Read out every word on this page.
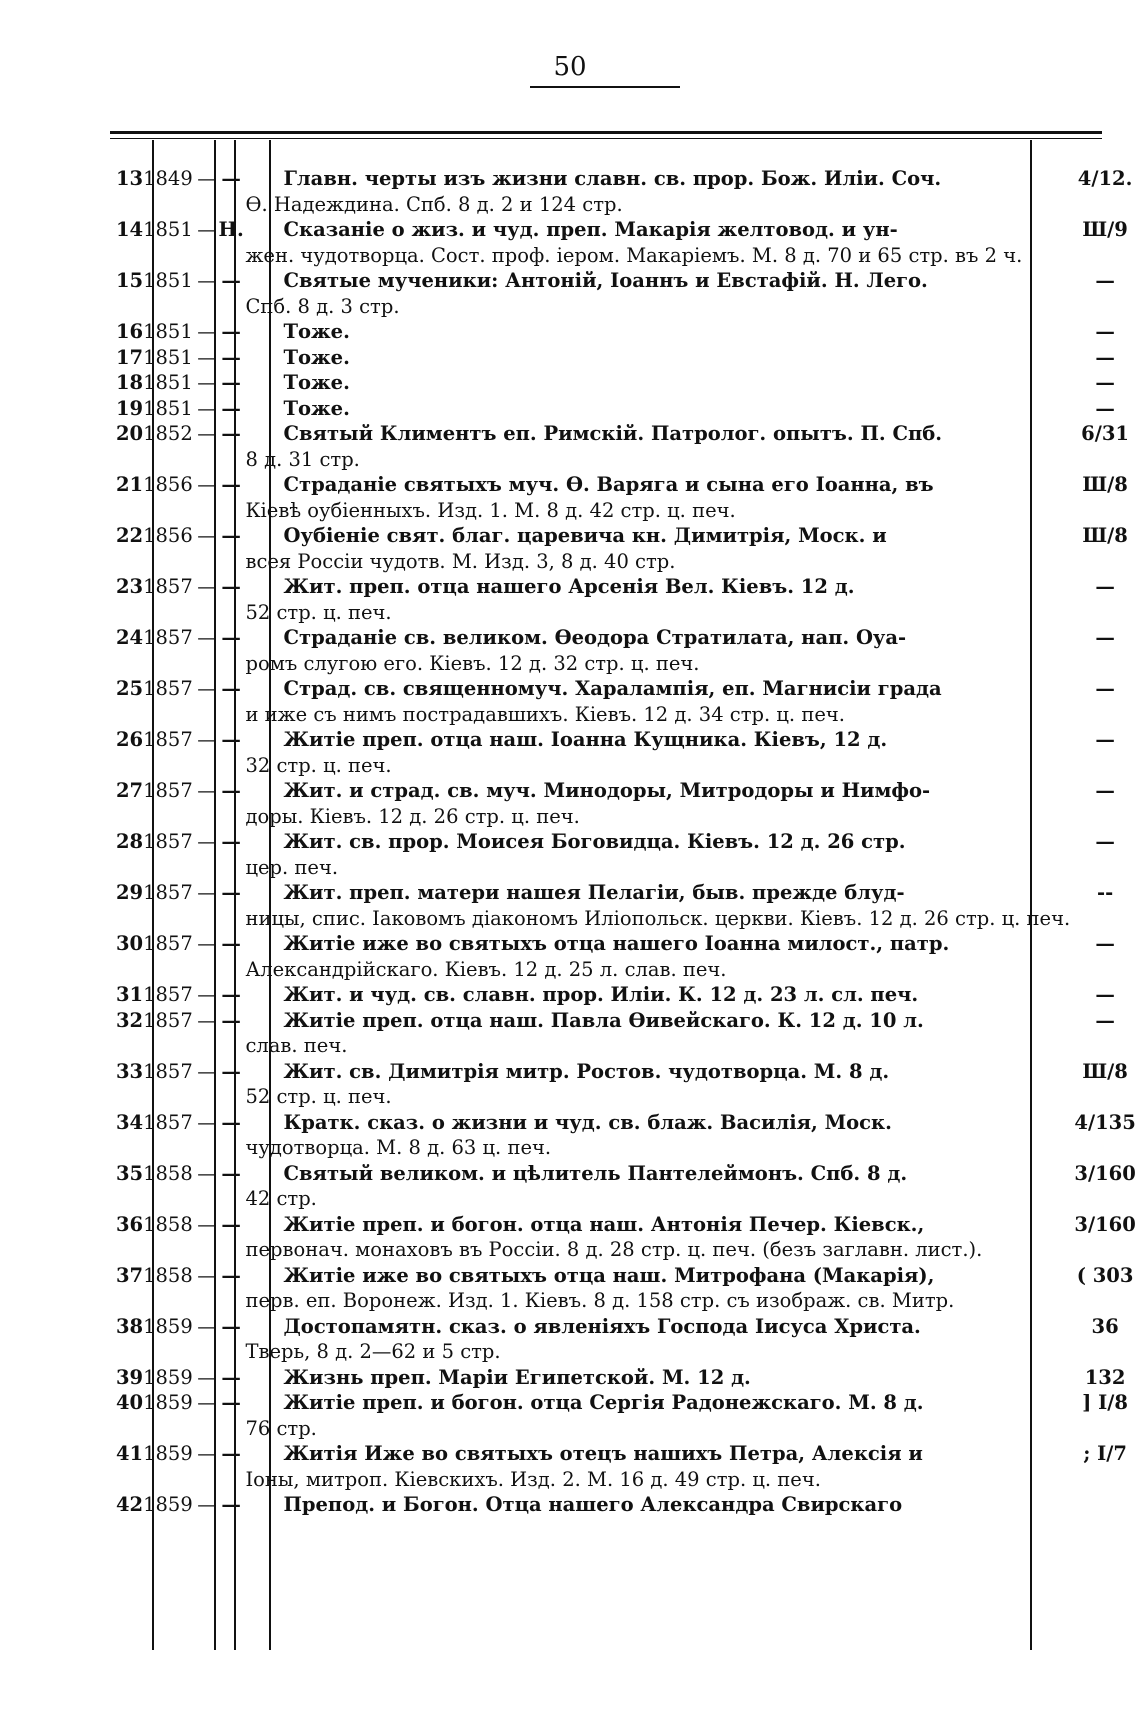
50
13	1849	—	—	Главн. черты изъ жизни славн. св. прор. Бож. Иліи. Соч.
Ѳ. Надеждина. Спб. 8 д. 2 и 124 стр.	4/12.
14	1851	—	Н.	Сказаніе о жиз. и чуд. преп. Макарія желтовод. и ун-
жен. чудотворца. Сост. проф. іером. Макаріемъ. М. 8 д. 70 и 65 стр. въ 2 ч.	Ш/9
15	1851	—	—	Святые мученики: Антоній, Іоаннъ и Евстафій. Н. Лего.
Спб. 8 д. 3 стр.	—
16	1851	—	—	Тоже.	—
17	1851	—	—	Тоже.	—
18	1851	—	—	Тоже.	—
19	1851	—	—	Тоже.	—
20	1852	—	—	Святый Климентъ еп. Римскій. Патролог. опытъ. П. Спб.
8 д. 31 стр.	6/31
21	1856	—	—	Страданіе святыхъ муч. Ѳ. Варяга и сына его Іоанна, въ
Кіевѣ оубіенныхъ. Изд. 1. М. 8 д. 42 стр. ц. печ.	Ш/8
22	1856	—	—	Оубіеніе свят. благ. царевича кн. Димитрія, Моск. и
всея Россіи чудотв. М. Изд. 3, 8 д. 40 стр.	Ш/8
23	1857	—	—	Жит. преп. отца нашего Арсенія Вел. Кіевъ. 12 д.
52 стр. ц. печ.	—
24	1857	—	—	Страданіе св. великом. Ѳеодора Стратилата, нап. Оуа-
ромъ слугою его. Кіевъ. 12 д. 32 стр. ц. печ.	—
25	1857	—	—	Страд. св. священномуч. Харалампія, еп. Магнисіи града
и иже съ нимъ пострадавшихъ. Кіевъ. 12 д. 34 стр. ц. печ.	—
26	1857	—	—	Житіе преп. отца наш. Іоанна Кущника. Кіевъ, 12 д.
32 стр. ц. печ.	—
27	1857	—	—	Жит. и страд. св. муч. Минодоры, Митродоры и Нимфо-
доры. Кіевъ. 12 д. 26 стр. ц. печ.	—
28	1857	—	—	Жит. св. прор. Моисея Боговидца. Кіевъ. 12 д. 26 стр.
цер. печ.	—
29	1857	—	—	Жит. преп. матери нашея Пелагіи, быв. прежде блуд-
ницы, спис. Іаковомъ діакономъ Иліопольск. церкви. Кіевъ. 12 д. 26 стр. ц. печ.	--
30	1857	—	—	Житіе иже во святыхъ отца нашего Іоанна милост., патр.
Александрійскаго. Кіевъ. 12 д. 25 л. слав. печ.	—
31	1857	—	—	Жит. и чуд. св. славн. прор. Иліи. К. 12 д. 23 л. сл. печ.	—
32	1857	—	—	Житіе преп. отца наш. Павла Ѳивейскаго. К. 12 д. 10 л.
слав. печ.	—
33	1857	—	—	Жит. св. Димитрія митр. Ростов. чудотворца. М. 8 д.
52 стр. ц. печ.	Ш/8
34	1857	—	—	Кратк. сказ. о жизни и чуд. св. блаж. Василія, Моск.
чудотворца. М. 8 д. 63 ц. печ.	4/135
35	1858	—	—	Святый великом. и цѣлитель Пантелеймонъ. Спб. 8 д.
42 стр.	3/160
36	1858	—	—	Житіе преп. и богон. отца наш. Антонія Печер. Кіевск.,
первонач. монаховъ въ Россіи. 8 д. 28 стр. ц. печ. (безъ заглавн. лист.).	3/160
37	1858	—	—	Житіе иже во святыхъ отца наш. Митрофана (Макарія),
перв. еп. Воронеж. Изд. 1. Кіевъ. 8 д. 158 стр. съ изображ. св. Митр.	( 303
38	1859	—	—	Достопамятн. сказ. о явленіяхъ Господа Іисуса Христа.
Тверь, 8 д. 2—62 и 5 стр.	36
39	1859	—	—	Жизнь преп. Маріи Египетской. М. 12 д.	132
40	1859	—	—	Житіе преп. и богон. отца Сергія Радонежскаго. М. 8 д.
76 стр.	] I/8
41	1859	—	—	Житія Иже во святыхъ отецъ нашихъ Петра, Алексія и
Іоны, митроп. Кіевскихъ. Изд. 2. М. 16 д. 49 стр. ц. печ.	; I/7
42	1859	—	—	Препод. и Богон. Отца нашего Александра Свирскаго	
